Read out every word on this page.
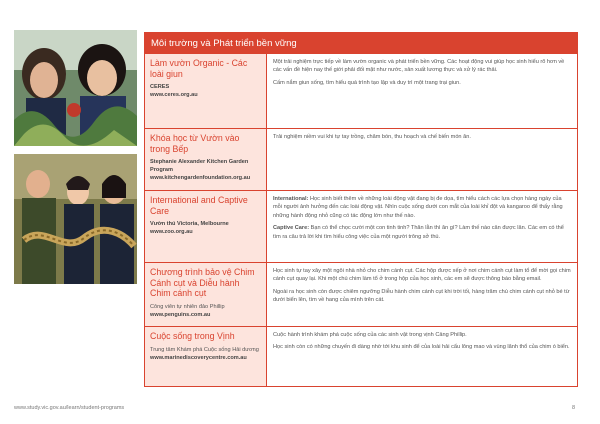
Môi trường và Phát triển bền vững
Làm vườn Organic - Các loài giun
CERES
www.ceres.org.au

Một trải nghiệm trực tiếp về làm vườn organic và phát triển bền vững. Các hoạt động vui giúp học sinh hiểu rõ hơn về các vấn đề hiện nay thế giới phải đối mặt như nước, sản xuất lương thực và xử lý rác thải.

Cấm nắm giun sống, tìm hiểu quá trình tạo lập và duy trì một trang trại giun.

Khóa học từ Vườn vào trong Bếp
Stephanie Alexander Kitchen Garden Program
www.kitchengardenfoundation.org.au

Trải nghiệm niềm vui khi tự tay trồng, chăm bón, thu hoạch và chế biến món ăn.

International and Captive Care
Vườn thú Victoria, Melbourne
www.zoo.org.au

International: Học sinh biết thêm về những loài động vật đang bị đe dọa, tìm hiểu cách các lựa chọn hàng ngày của mỗi người ảnh hưởng đến các loài động vật. Nhìn cuộc sống dưới con mắt của loài khỉ đột và kangaroo để thấy rằng những hành động nhỏ cũng có tác động lớn như thế nào.

Captive Care: Bạn có thể chọc cười một con tinh tinh? Thăn lằn thì ăn gì? Làm thế nào cân được lân. Các em có thể tìm ra câu trả lời khi tìm hiểu công việc của một người trông sở thú.

Chương trình bảo vệ Chim Cánh cụt và Diễu hành Chim cánh cụt
Công viên tự nhiên đảo Phillip
www.penguins.com.au

Học sinh tự tay xây một ngôi nhà nhỏ cho chim cánh cụt. Các hộp được xếp ở nơi chim cánh cụt làm tổ để mời gọi chim cánh cụt quay lại. Khi một chú chim làm tổ ở trong hộp của học sinh, các em sẽ được thông báo bằng email.

Ngoài ra học sinh còn được chiêm ngưỡng Diễu hành chim cánh cụt khi trời tối, hàng trăm chú chim cánh cụt nhỏ bé từ dưới biển lên, tìm về hang của mình trên cát.

Cuộc sống trong Vịnh
Trung tâm Khám phá Cuộc sống Hải dương
www.marinediscoverycentre.com.au

Cuộc hành trình khám phá cuộc sống của các sinh vật trong vịnh Cảng Phillip.

Học sinh còn có những chuyến đi dàng nhờ tới khu sinh để của loài hải cẩu lông mao và vùng lãnh thổ của chim ó biển.

www.study.vic.gov.au/learn/student-programs	8
